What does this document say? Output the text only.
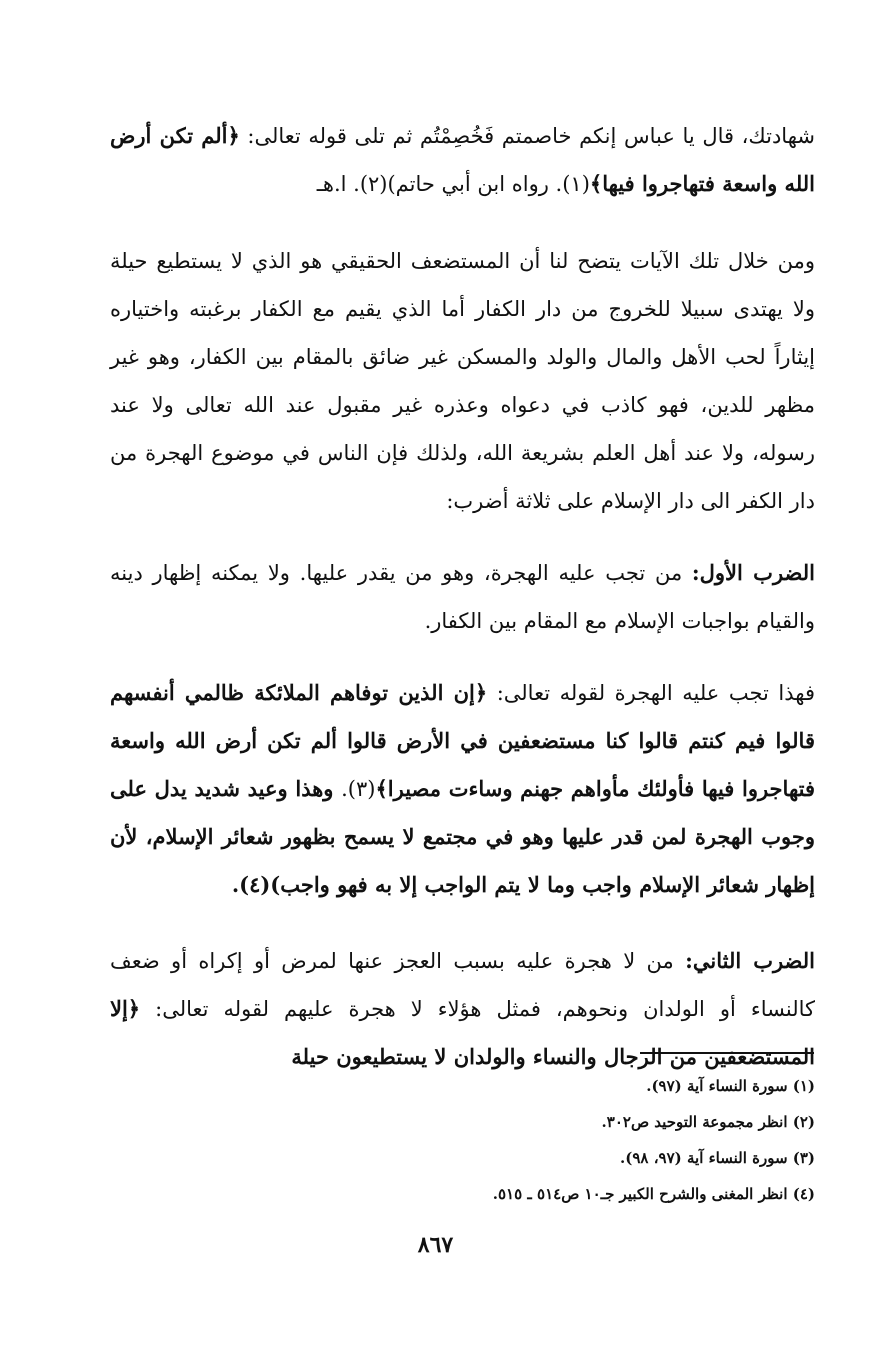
شهادتك، قال يا عباس إنكم خاصمتم فَخُصِمْتُم ثم تلى قوله تعالى: ﴿ألم تكن أرض الله واسعة فتهاجروا فيها﴾(١). رواه ابن أبي حاتم)(٢). ا.هـ

ومن خلال تلك الآيات يتضح لنا أن المستضعف الحقيقي هو الذي لا يستطيع حيلة ولا يهتدى سبيلا للخروج من دار الكفار أما الذي يقيم مع الكفار برغبته واختياره إيثاراً لحب الأهل والمال والولد والمسكن غير ضائق بالمقام بين الكفار، وهو غير مظهر للدين، فهو كاذب في دعواه وعذره غير مقبول عند الله تعالى ولا عند رسوله، ولا عند أهل العلم بشريعة الله، ولذلك فإن الناس في موضوع الهجرة من دار الكفر الى دار الإسلام على ثلاثة أضرب:

الضرب الأول: من تجب عليه الهجرة، وهو من يقدر عليها. ولا يمكنه إظهار دينه والقيام بواجبات الإسلام مع المقام بين الكفار.

فهذا تجب عليه الهجرة لقوله تعالى: ﴿إن الذين توفاهم الملائكة ظالمي أنفسهم قالوا فيم كنتم قالوا كنا مستضعفين في الأرض قالوا ألم تكن أرض الله واسعة فتهاجروا فيها فأولئك مأواهم جهنم وساءت مصيرا﴾(٣). وهذا وعيد شديد يدل على وجوب الهجرة لمن قدر عليها وهو في مجتمع لا يسمح بظهور شعائر الإسلام، لأن إظهار شعائر الإسلام واجب وما لا يتم الواجب إلا به فهو واجب)(٤).

الضرب الثاني: من لا هجرة عليه بسبب العجز عنها لمرض أو إكراه أو ضعف كالنساء أو الولدان ونحوهم، فمثل هؤلاء لا هجرة عليهم لقوله تعالى: ﴿إلا المستضعفين من الرجال والنساء والولدان لا يستطيعون حيلة

(١) سورة النساء آية (٩٧).

(٢) انظر مجموعة التوحيد ص٣٠٢.

(٣) سورة النساء آية (٩٧، ٩٨).

(٤) انظر المغنى والشرح الكبير جـ١٠ ص٥١٤ ـ ٥١٥.

٨٦٧
